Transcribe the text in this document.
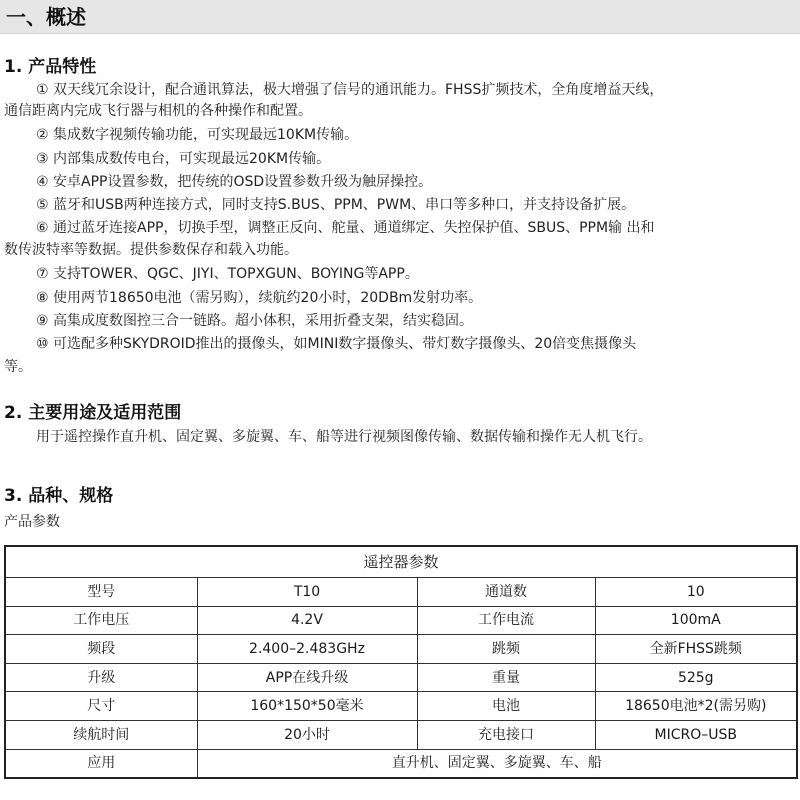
一、概述
1. 产品特性
① 双天线冗余设计，配合通讯算法，极大增强了信号的通讯能力。FHSS扩频技术，全角度增益天线，
通信距离内完成飞行器与相机的各种操作和配置。
② 集成数字视频传输功能，可实现最远10KM传输。
③ 内部集成数传电台，可实现最远20KM传输。
④ 安卓APP设置参数，把传统的OSD设置参数升级为触屏操控。
⑤ 蓝牙和USB两种连接方式，同时支持S.BUS、PPM、PWM、串口等多种口，并支持设备扩展。
⑥ 通过蓝牙连接APP，切换手型，调整正反向、舵量、通道绑定、失控保护值、SBUS、PPM输 出和
数传波特率等数据。提供参数保存和载入功能。
⑦ 支持TOWER、QGC、JIYI、TOPXGUN、BOYING等APP。
⑧ 使用两节18650电池（需另购），续航约20小时，20DBm发射功率。
⑨ 高集成度数图控三合一链路。超小体积，采用折叠支架，结实稳固。
⑩ 可选配多种SKYDROID推出的摄像头，如MINI数字摄像头、带灯数字摄像头、20倍变焦摄像头
等。
2. 主要用途及适用范围
用于遥控操作直升机、固定翼、多旋翼、车、船等进行视频图像传输、数据传输和操作无人机飞行。
3. 品种、规格
产品参数
遥控器参数			
型号	T10	通道数	10
工作电压	4.2V	工作电流	100mA
频段	2.400–2.483GHz	跳频	全新FHSS跳频
升级	APP在线升级	重量	525g
尺寸	160*150*50毫米	电池	18650电池*2(需另购)
续航时间	20小时	充电接口	MICRO–USB
应用	直升机、固定翼、多旋翼、车、船		
